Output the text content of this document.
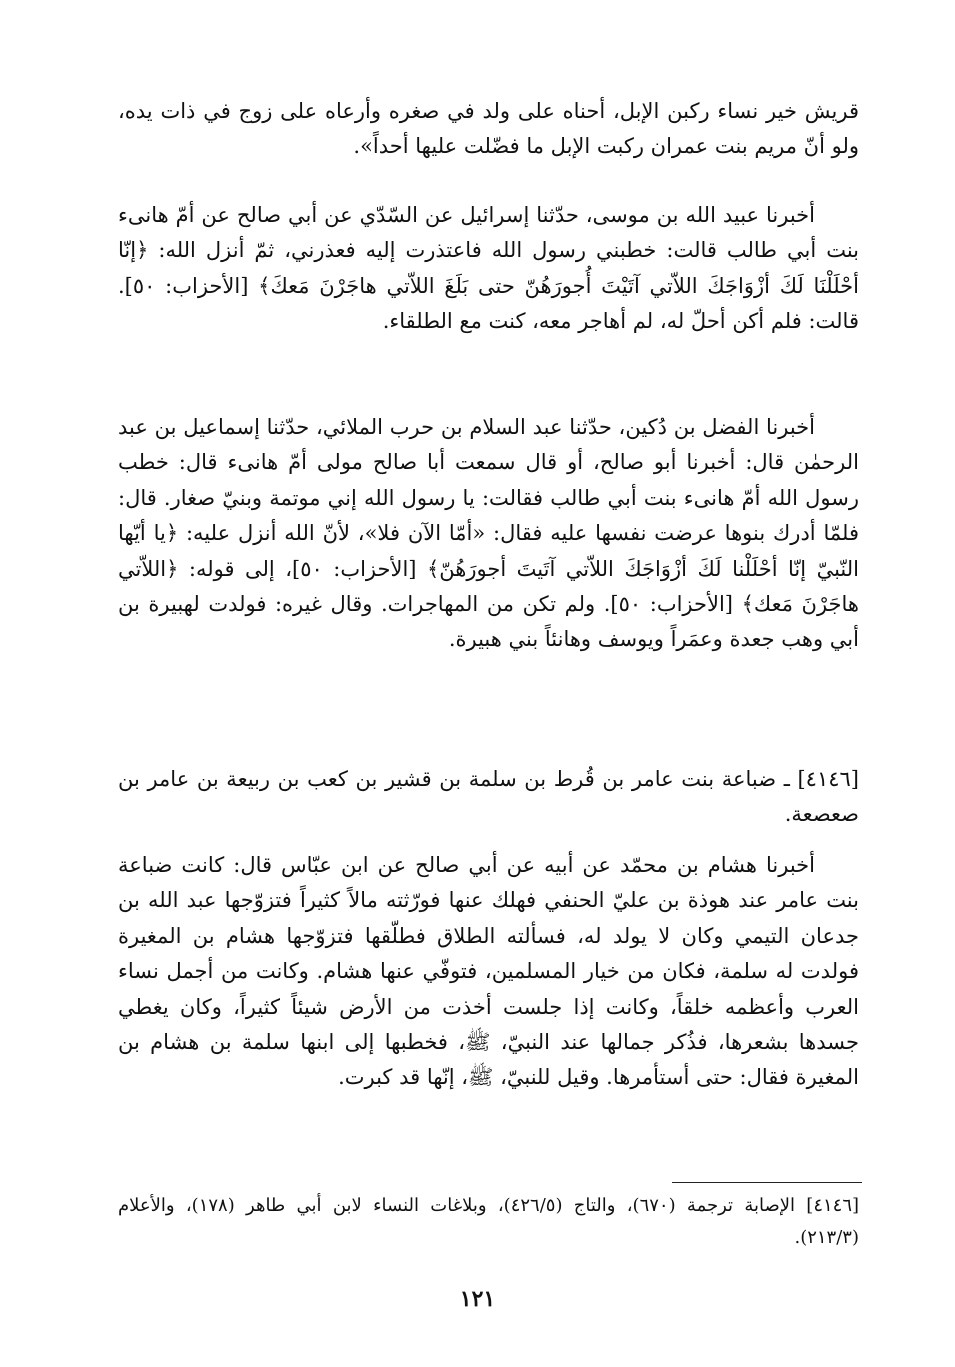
قريش خير نساء ركبن الإبل، أحناه على ولد في صغره وأرعاه على زوج في ذات يده، ولو أنّ مريم بنت عمران ركبت الإبل ما فضّلت عليها أحداً».

أخبرنا عبيد الله بن موسى، حدّثنا إسرائيل عن السّدّي عن أبي صالح عن أمّ هانىء بنت أبي طالب قالت: خطبني رسول الله فاعتذرت إليه فعذرني، ثمّ أنزل الله: ﴿إنّا أحْلَلْنَا لَكَ أزْوَاجَكَ اللاّتي آتَيْتَ أُجورَهُنّ حتى بَلَغَ اللاّتي هاجَرْنَ مَعكَ﴾ [الأحزاب: ٥٠]. قالت: فلم أكن أحلّ له، لم أهاجر معه، كنت مع الطلقاء.

أخبرنا الفضل بن دُكين، حدّثنا عبد السلام بن حرب الملائي، حدّثنا إسماعيل بن عبد الرحمٰن قال: أخبرنا أبو صالح، أو قال سمعت أبا صالح مولى أمّ هانىء قال: خطب رسول الله أمّ هانىء بنت أبي طالب فقالت: يا رسول الله إني موتمة وبنيّ صغار. قال: فلمّا أدرك بنوها عرضت نفسها عليه فقال: «أمّا الآن فلا»، لأنّ الله أنزل عليه: ﴿يا أيّها النّبيّ إنّا أحْلَلْنا لَكَ أزْوَاجَكَ اللاّتي آتَيتَ أجورَهُنّ﴾ [الأحزاب: ٥٠]، إلى قوله: ﴿اللاّتي هاجَرْنَ مَعك﴾ [الأحزاب: ٥٠]. ولم تكن من المهاجرات. وقال غيره: فولدت لهبيرة بن أبي وهب جعدة وعمَراً ويوسف وهانئاً بني هبيرة.

[٤١٤٦] ـ ضباعة بنت عامر بن قُرط بن سلمة بن قشير بن كعب بن ربيعة بن عامر بن صعصعة.

أخبرنا هشام بن محمّد عن أبيه عن أبي صالح عن ابن عبّاس قال: كانت ضباعة بنت عامر عند هوذة بن عليّ الحنفي فهلك عنها فورّثته مالاً كثيراً فتزوّجها عبد الله بن جدعان التيمي وكان لا يولد له، فسألته الطلاق فطلّقها فتزوّجها هشام بن المغيرة فولدت له سلمة، فكان من خيار المسلمين، فتوفّي عنها هشام. وكانت من أجمل نساء العرب وأعظمه خلقاً، وكانت إذا جلست أخذت من الأرض شيئاً كثيراً، وكان يغطي جسدها بشعرها، فذُكر جمالها عند النبيّ، ﷺ، فخطبها إلى ابنها سلمة بن هشام بن المغيرة فقال: حتى أستأمرها. وقيل للنبيّ، ﷺ، إنّها قد كبرت.

[٤١٤٦] الإصابة ترجمة (٦٧٠)، والتاج (٤٢٦/٥)، وبلاغات النساء لابن أبي طاهر (١٧٨)، والأعلام (٢١٣/٣).

١٢١
